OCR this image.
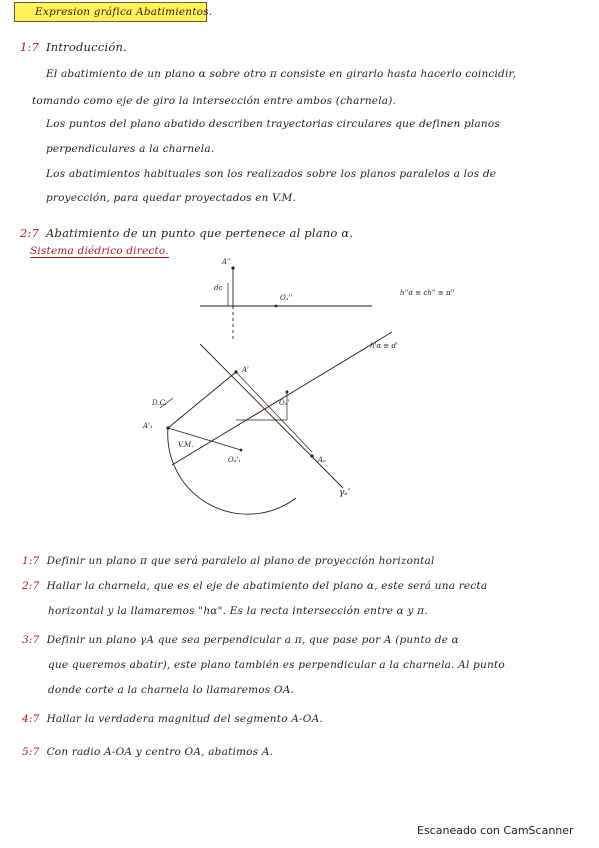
Expresion gráfica Abatimientos.
1:7 Introducción.
El abatimiento de un plano α sobre otro π consiste en girarlo hasta hacerlo coincidir,
tomando como eje de giro la intersección entre ambos (charnela).
Los puntos del plano abatido describen trayectorias circulares que definen planos
perpendiculares a la charnela.
Los abatimientos habituales son los realizados sobre los planos paralelos a los de
proyección, para quedar proyectados en V.M.
2:7 Abatimiento de un punto que pertenece al plano α.
Sistema diédrico directo.
A''
dc
Oₐ''
h''α ≡ ch'' ≡ π''
h'α ≡ d'
A'
Oₐ'
D.C.
A'₁
V.M.
Oₐ'₁	Aₒ
γₐ'
1:7 Definir un plano π que será paralelo al plano de proyección horizontal
2:7 Hallar la charnela, que es el eje de abatimiento del plano α, este será una recta
horizontal y la llamaremos "hα". Es la recta intersección entre α y π.
3:7 Definir un plano γA que sea perpendicular a π, que pase por A (punto de α
que queremos abatir), este plano también es perpendicular a la charnela. Al punto
donde corte a la charnela lo llamaremos OA.
4:7 Hallar la verdadera magnitud del segmento A-OA.
5:7 Con radio A-OA y centro OA, abatimos A.
Escaneado con CamScanner
